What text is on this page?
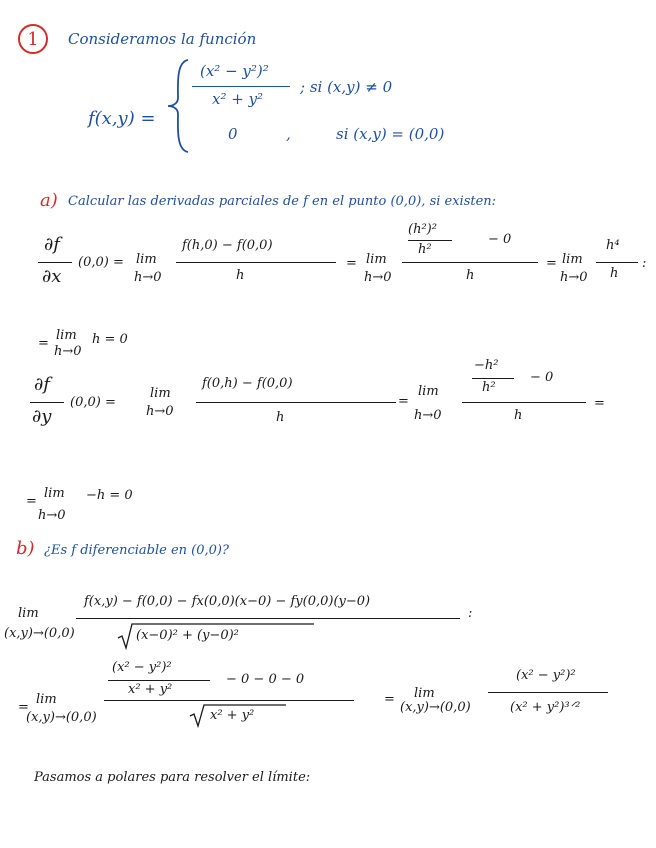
1 Consideramos la función
f(x,y) =
(x² − y²)²
x² + y²
; si (x,y) ≠ 0
0	,	si (x,y) = (0,0)
a) Calcular las derivadas parciales de f en el punto (0,0), si existen:
∂f
∂x
(0,0) = lim
h→0
f(h,0) − f(0,0)
h
= lim
h→0
(h²)²
h²
− 0
h
= lim
h→0
h⁴
h
:
=
lim
h→0
h = 0
∂f
∂y
(0,0) =
lim
h→0
f(0,h) − f(0,0)
h
=
lim
h→0
−h²
h²
− 0
h
=
=
lim
h→0
−h = 0
b) ¿Es f diferenciable en (0,0)?
lim
(x,y)→(0,0)
f(x,y) − f(0,0) − fx(0,0)(x−0) − fy(0,0)(y−0)
(x−0)² + (y−0)²
:
=
lim
(x,y)→(0,0)
(x² − y²)²
x² + y²
− 0 − 0 − 0
x² + y²
= lim
(x,y)→(0,0)
(x² − y²)²
(x² + y²)³ᐟ²
Pasamos a polares para resolver el límite:
